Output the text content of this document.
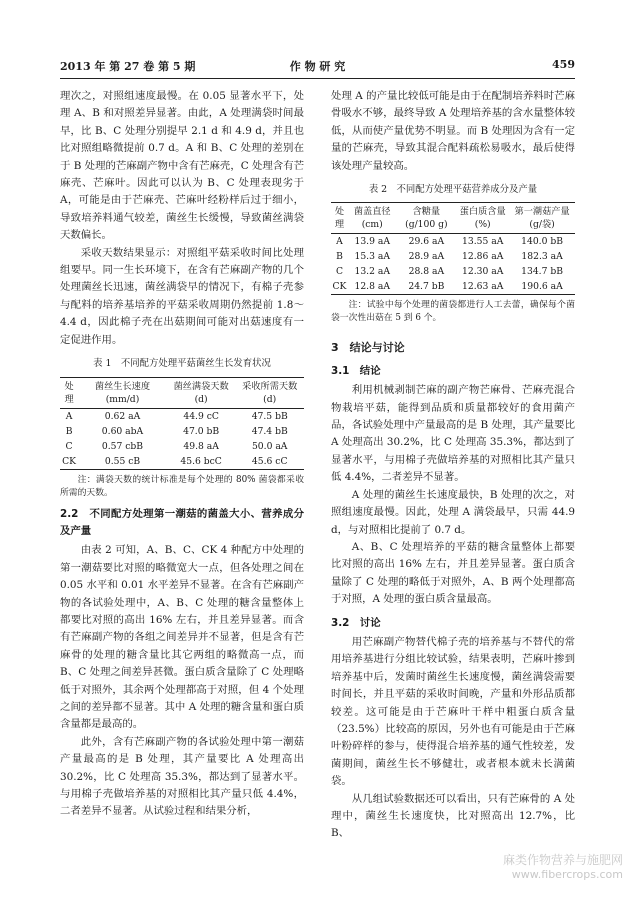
2013 年 第 27 卷 第 5 期	作 物 研 究	459

理次之，对照组速度最慢。在 0.05 显著水平下，处理 A、B 和对照差异显著。由此，A 处理满袋时间最早，比 B、C 处理分别提早 2.1 d 和 4.9 d，并且也比对照组略微提前 0.7 d。A 和 B、C 处理的差别在于 B 处理的芒麻副产物中含有芒麻壳，C 处理含有芒麻壳、芒麻叶。因此可以认为 B、C 处理表现劣于 A，可能是由于芒麻壳、芒麻叶经粉样后过于细小，导致培养料通气较差，菌丝生长缓慢，导致菌丝满袋天数偏长。

采收天数结果显示：对照组平菇采收时间比处理组要早。同一生长环境下，在含有芒麻副产物的几个处理菌丝长迅速，菌丝满袋早的情况下，有棉子壳参与配料的培养基培养的平菇采收周期仍然提前 1.8～4.4 d，因此棉子壳在出菇期间可能对出菇速度有一定促进作用。

表 1　不同配方处理平菇菌丝生长发育状况
处理	菌丝生长速度 (mm/d)	菌丝满袋天数 (d)	采收所需天数 (d)
A	0.62 aA	44.9 cC	47.5 bB
B	0.60 abA	47.0 bB	47.4 bB
C	0.57 cbB	49.8 aA	50.0 aA
CK	0.55 cB	45.6 bcC	45.6 cC
注：满袋天数的统计标准是每个处理的 80% 菌袋都采收所需的天数。
2.2　不同配方处理第一潮菇的菌盖大小、营养成分及产量

由表 2 可知，A、B、C、CK 4 种配方中处理的第一潮菇要比对照的略微宽大一点，但各处理之间在 0.05 水平和 0.01 水平差异不显著。在含有芒麻副产物的各试验处理中，A、B、C 处理的糖含量整体上都要比对照的高出 16% 左右，并且差异显著。而含有芒麻副产物的各组之间差异并不显著，但是含有芒麻骨的处理的糖含量比其它两组的略微高一点，而 B、C 处理之间差异甚微。蛋白质含量除了 C 处理略低于对照外，其余两个处理都高于对照，但 4 个处理之间的差异都不显著。其中 A 处理的糖含量和蛋白质含量都是最高的。

此外，含有芒麻副产物的各试验处理中第一潮菇产量最高的是 B 处理，其产量要比 A 处理高出 30.2%，比 C 处理高 35.3%，都达到了显著水平。与用棉子壳做培养基的对照相比其产量只低 4.4%，二者差异不显著。从试验过程和结果分析，

处理 A 的产量比较低可能是由于在配制培养料时芒麻骨吸水不够，最终导致 A 处理培养基的含水量整体较低，从而使产量优势不明显。而 B 处理因为含有一定量的芒麻壳，导致其混合配料疏松易吸水，最后使得该处理产量较高。

表 2　不同配方处理平菇营养成分及产量
处理	菌盖直径 (cm)	含糖量 (g/100 g)	蛋白质含量 (%)	第一潮菇产量 (g/袋)
A	13.9 aA	29.6 aA	13.55 aA	140.0 bB
B	15.3 aA	28.9 aA	12.86 aA	182.3 aA
C	13.2 aA	28.8 aA	12.30 aA	134.7 bB
CK	12.8 aA	24.7 bB	12.63 aA	190.6 aA
注：试验中每个处理的菌袋都进行人工去蕾，确保每个菌袋一次性出菇在 5 到 6 个。
3　结论与讨论
3.1　结论

利用机械剥制芒麻的副产物芒麻骨、芒麻壳混合物栽培平菇，能得到品质和质量都较好的食用菌产品，各试验处理中产量最高的是 B 处理，其产量要比 A 处理高出 30.2%，比 C 处理高 35.3%，都达到了显著水平，与用棉子壳做培养基的对照相比其产量只低 4.4%，二者差异不显著。

A 处理的菌丝生长速度最快，B 处理的次之，对照组速度最慢。因此，处理 A 满袋最早，只需 44.9 d，与对照相比提前了 0.7 d。

A、B、C 处理培养的平菇的糖含量整体上都要比对照的高出 16% 左右，并且差异显著。蛋白质含量除了 C 处理的略低于对照外，A、B 两个处理都高于对照，A 处理的蛋白质含量最高。

3.2　讨论

用芒麻副产物替代棉子壳的培养基与不替代的常用培养基进行分组比较试验，结果表明，芒麻叶掺到培养基中后，发菌时菌丝生长速度慢，菌丝满袋需要时间长，并且平菇的采收时间晚，产量和外形品质都较差。这可能是由于芒麻叶干样中粗蛋白质含量（23.5%）比较高的原因，另外也有可能是由于芒麻叶粉碎样的参与，使得混合培养基的通气性较差，发菌期间，菌丝生长不够健壮，或者根本就未长满菌袋。

从几组试验数据还可以看出，只有芒麻骨的 A 处理中，菌丝生长速度快，比对照高出 12.7%，比 B、

麻类作物营养与施肥网
www.fibercrops.com
